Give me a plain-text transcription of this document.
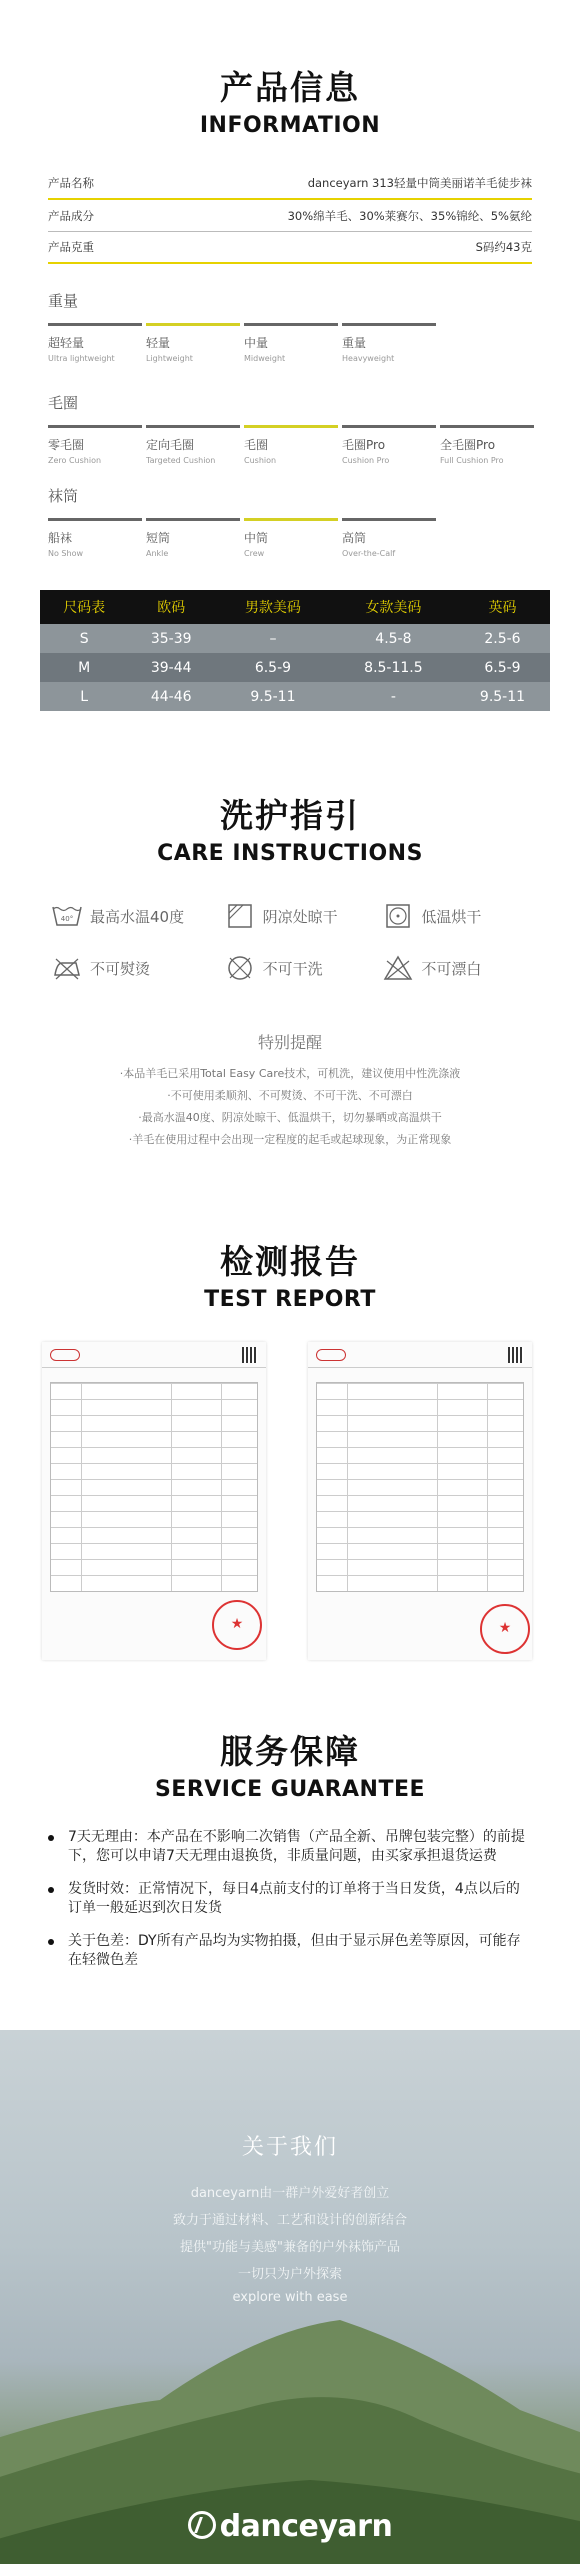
产品信息
INFORMATION
产品名称	danceyarn 313轻量中筒美丽诺羊毛徒步袜
产品成分	30%绵羊毛、30%莱赛尔、35%锦纶、5%氨纶
产品克重	S码约43克
重量
超轻量
Ultra lightweight
轻量
Lightweight
中量
Midweight
重量
Heavyweight
毛圈
零毛圈
Zero Cushion
定向毛圈
Targeted Cushion
毛圈
Cushion
毛圈Pro
Cushion Pro
全毛圈Pro
Full Cushion Pro
袜筒
船袜
No Show
短筒
Ankle
中筒
Crew
高筒
Over-the-Calf
尺码表	欧码	男款美码	女款美码	英码
S	35-39	–	4.5-8	2.5-6
M	39-44	6.5-9	8.5-11.5	6.5-9
L	44-46	9.5-11	-	9.5-11
洗护指引
CARE INSTRUCTIONS
40° 最高水温40度	阴凉处晾干	低温烘干
不可熨烫	不可干洗	不可漂白
特别提醒
·本品羊毛已采用Total Easy Care技术，可机洗，建议使用中性洗涤液
·不可使用柔顺剂、不可熨烫、不可干洗、不可漂白
·最高水温40度、阴凉处晾干、低温烘干，切勿暴晒或高温烘干
·羊毛在使用过程中会出现一定程度的起毛或起球现象，为正常现象
检测报告
TEST REPORT
★
★
服务保障
SERVICE GUARANTEE
7天无理由：本产品在不影响二次销售（产品全新、吊牌包装完整）的前提下，您可以申请7天无理由退换货，非质量问题，由买家承担退货运费
发货时效：正常情况下，每日4点前支付的订单将于当日发货，4点以后的订单一般延迟到次日发货
关于色差：DY所有产品均为实物拍摄，但由于显示屏色差等原因，可能存在轻微色差
关于我们
danceyarn由一群户外爱好者创立
致力于通过材料、工艺和设计的创新结合
提供"功能与美感"兼备的户外袜饰产品
一切只为户外探索
explore with ease
danceyarn
